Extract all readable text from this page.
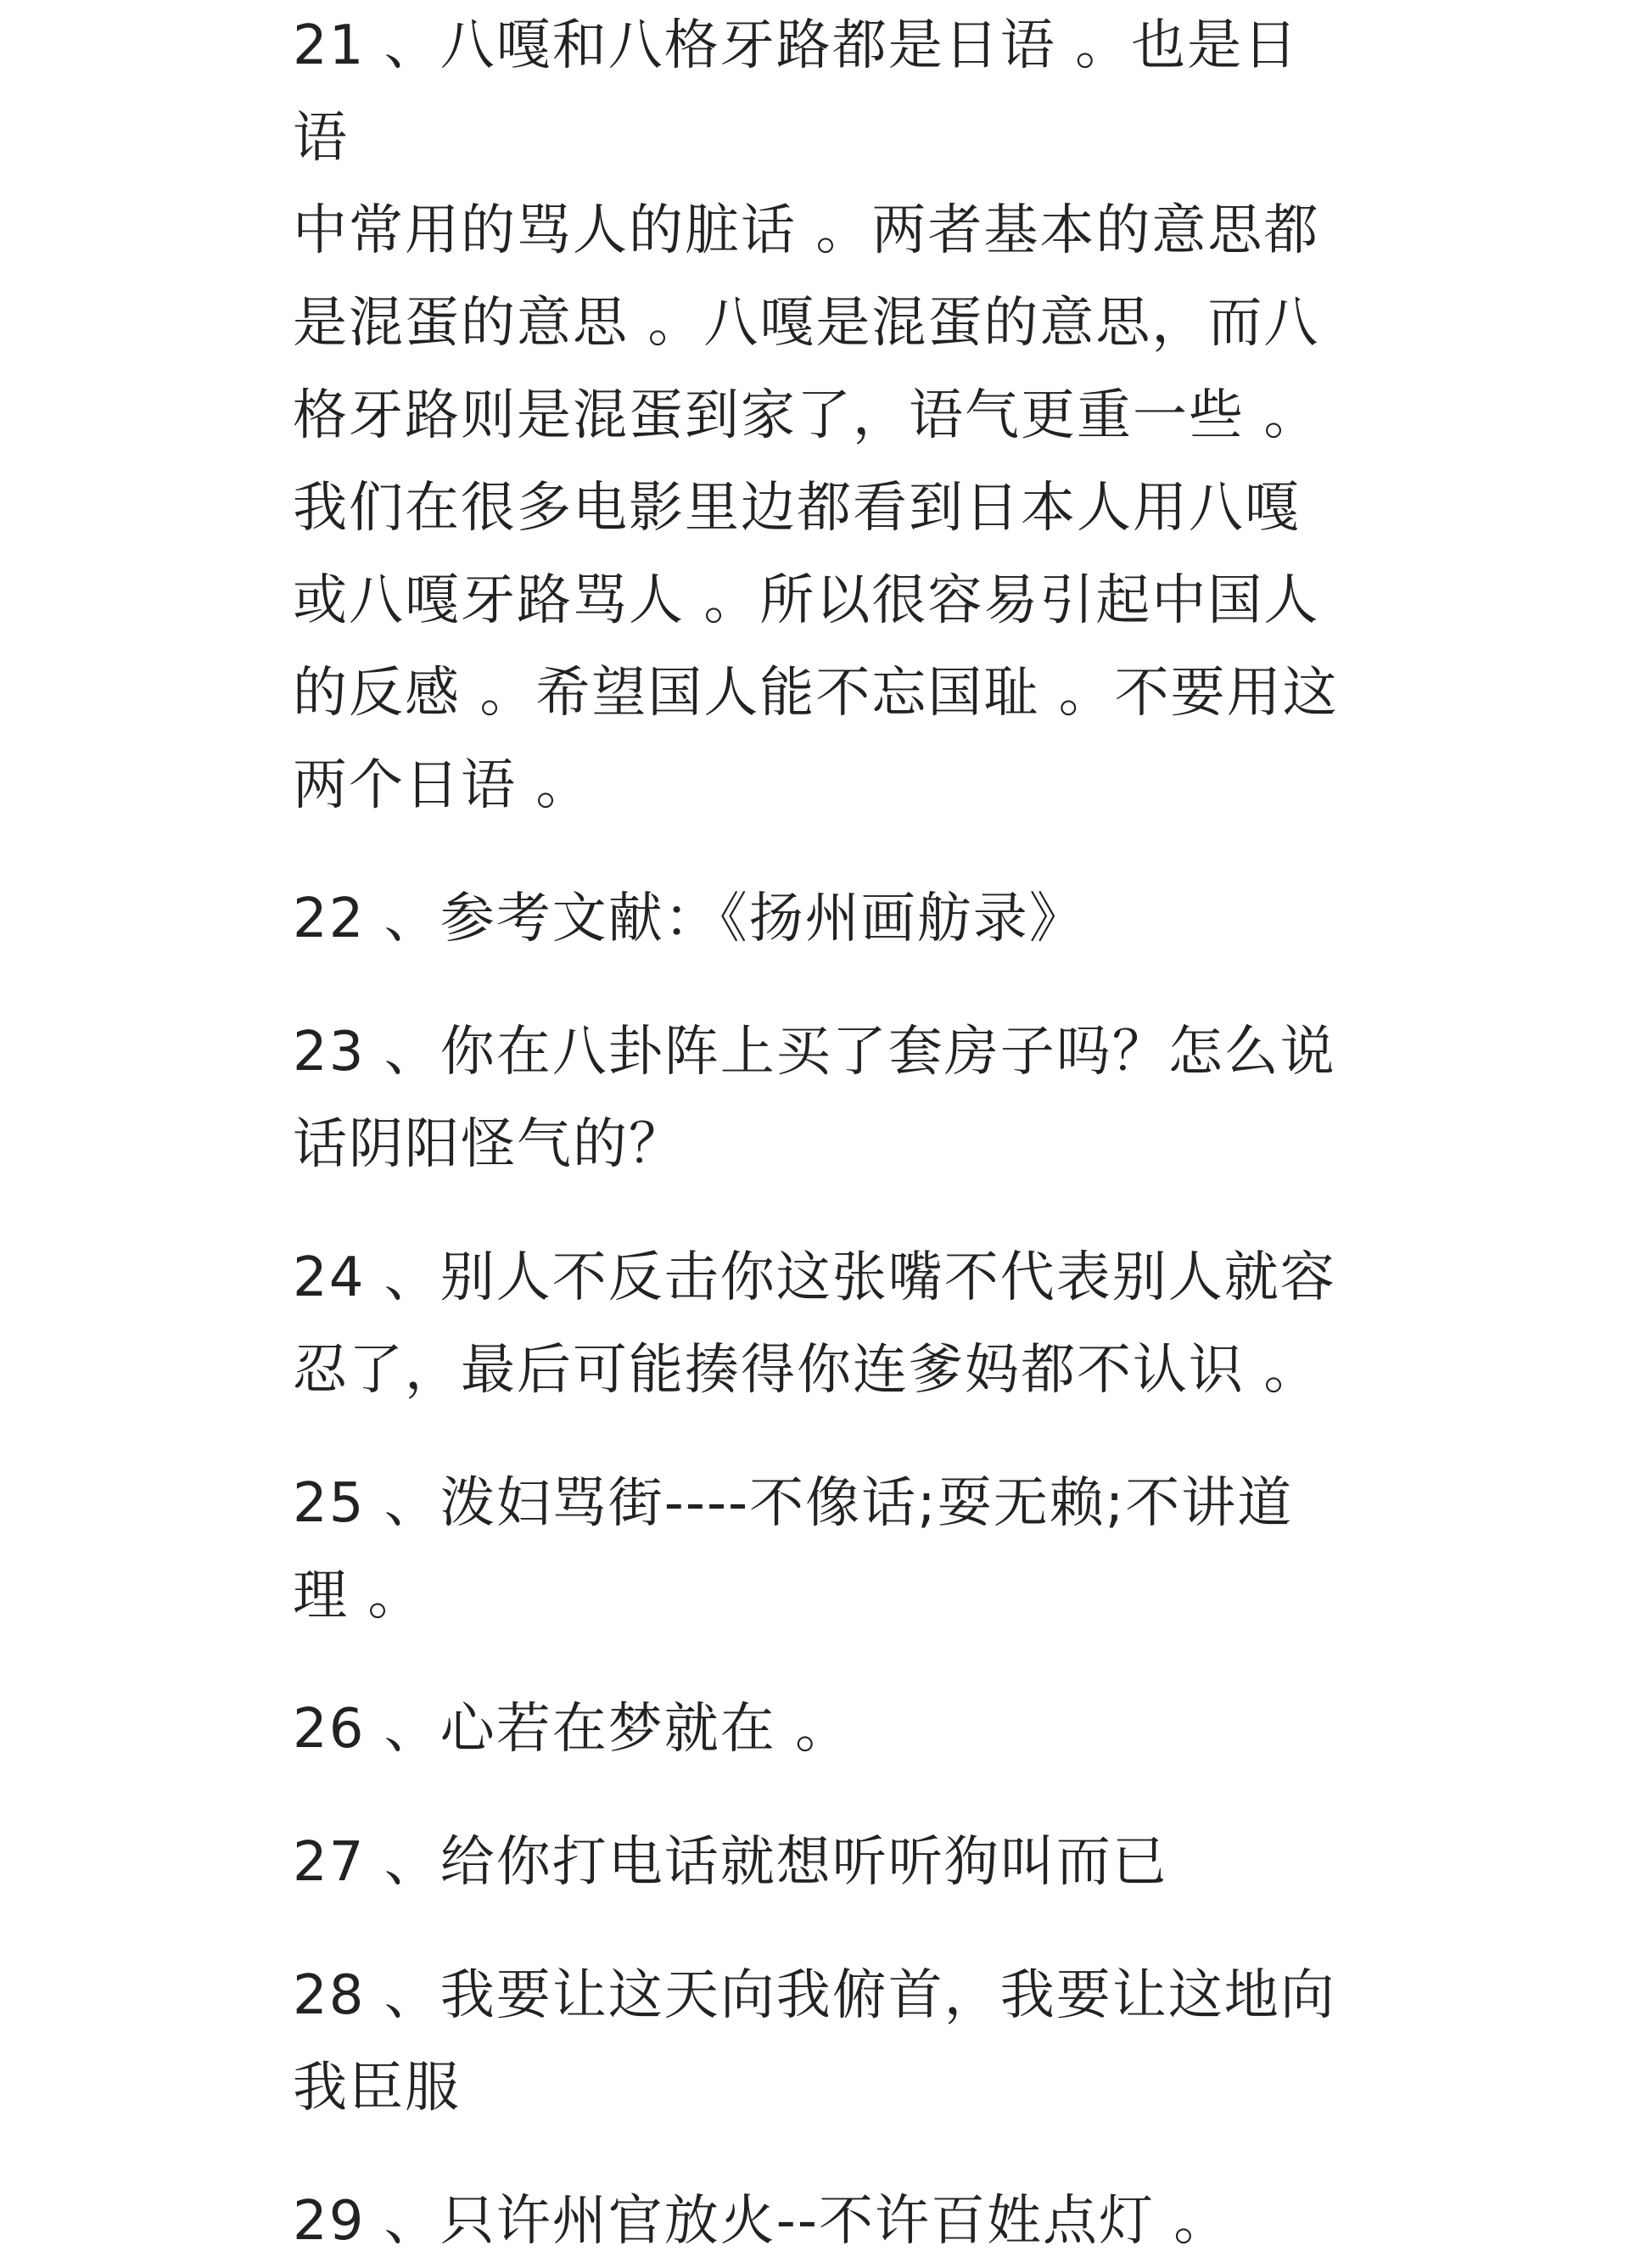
21 、八嘎和八格牙路都是日语 。也是日语
中常用的骂人的脏话 。两者基本的意思都
是混蛋的意思 。八嘎是混蛋的意思，而八
格牙路则是混蛋到家了，语气更重一些 。
我们在很多电影里边都看到日本人用八嘎
或八嘎牙路骂人 。所以很容易引起中国人
的反感 。希望国人能不忘国耻 。不要用这
两个日语 。
22 、参考文献：《扬州画舫录》
23 、你在八卦阵上买了套房子吗？怎么说
话阴阳怪气的？
24 、别人不反击你这张嘴不代表别人就容
忍了，最后可能揍得你连爹妈都不认识 。
25 、泼妇骂街----不像话;耍无赖;不讲道
理 。
26 、心若在梦就在 。
27 、给你打电话就想听听狗叫而已
28 、我要让这天向我俯首，我要让这地向
我臣服
29 、只许州官放火--不许百姓点灯 。
